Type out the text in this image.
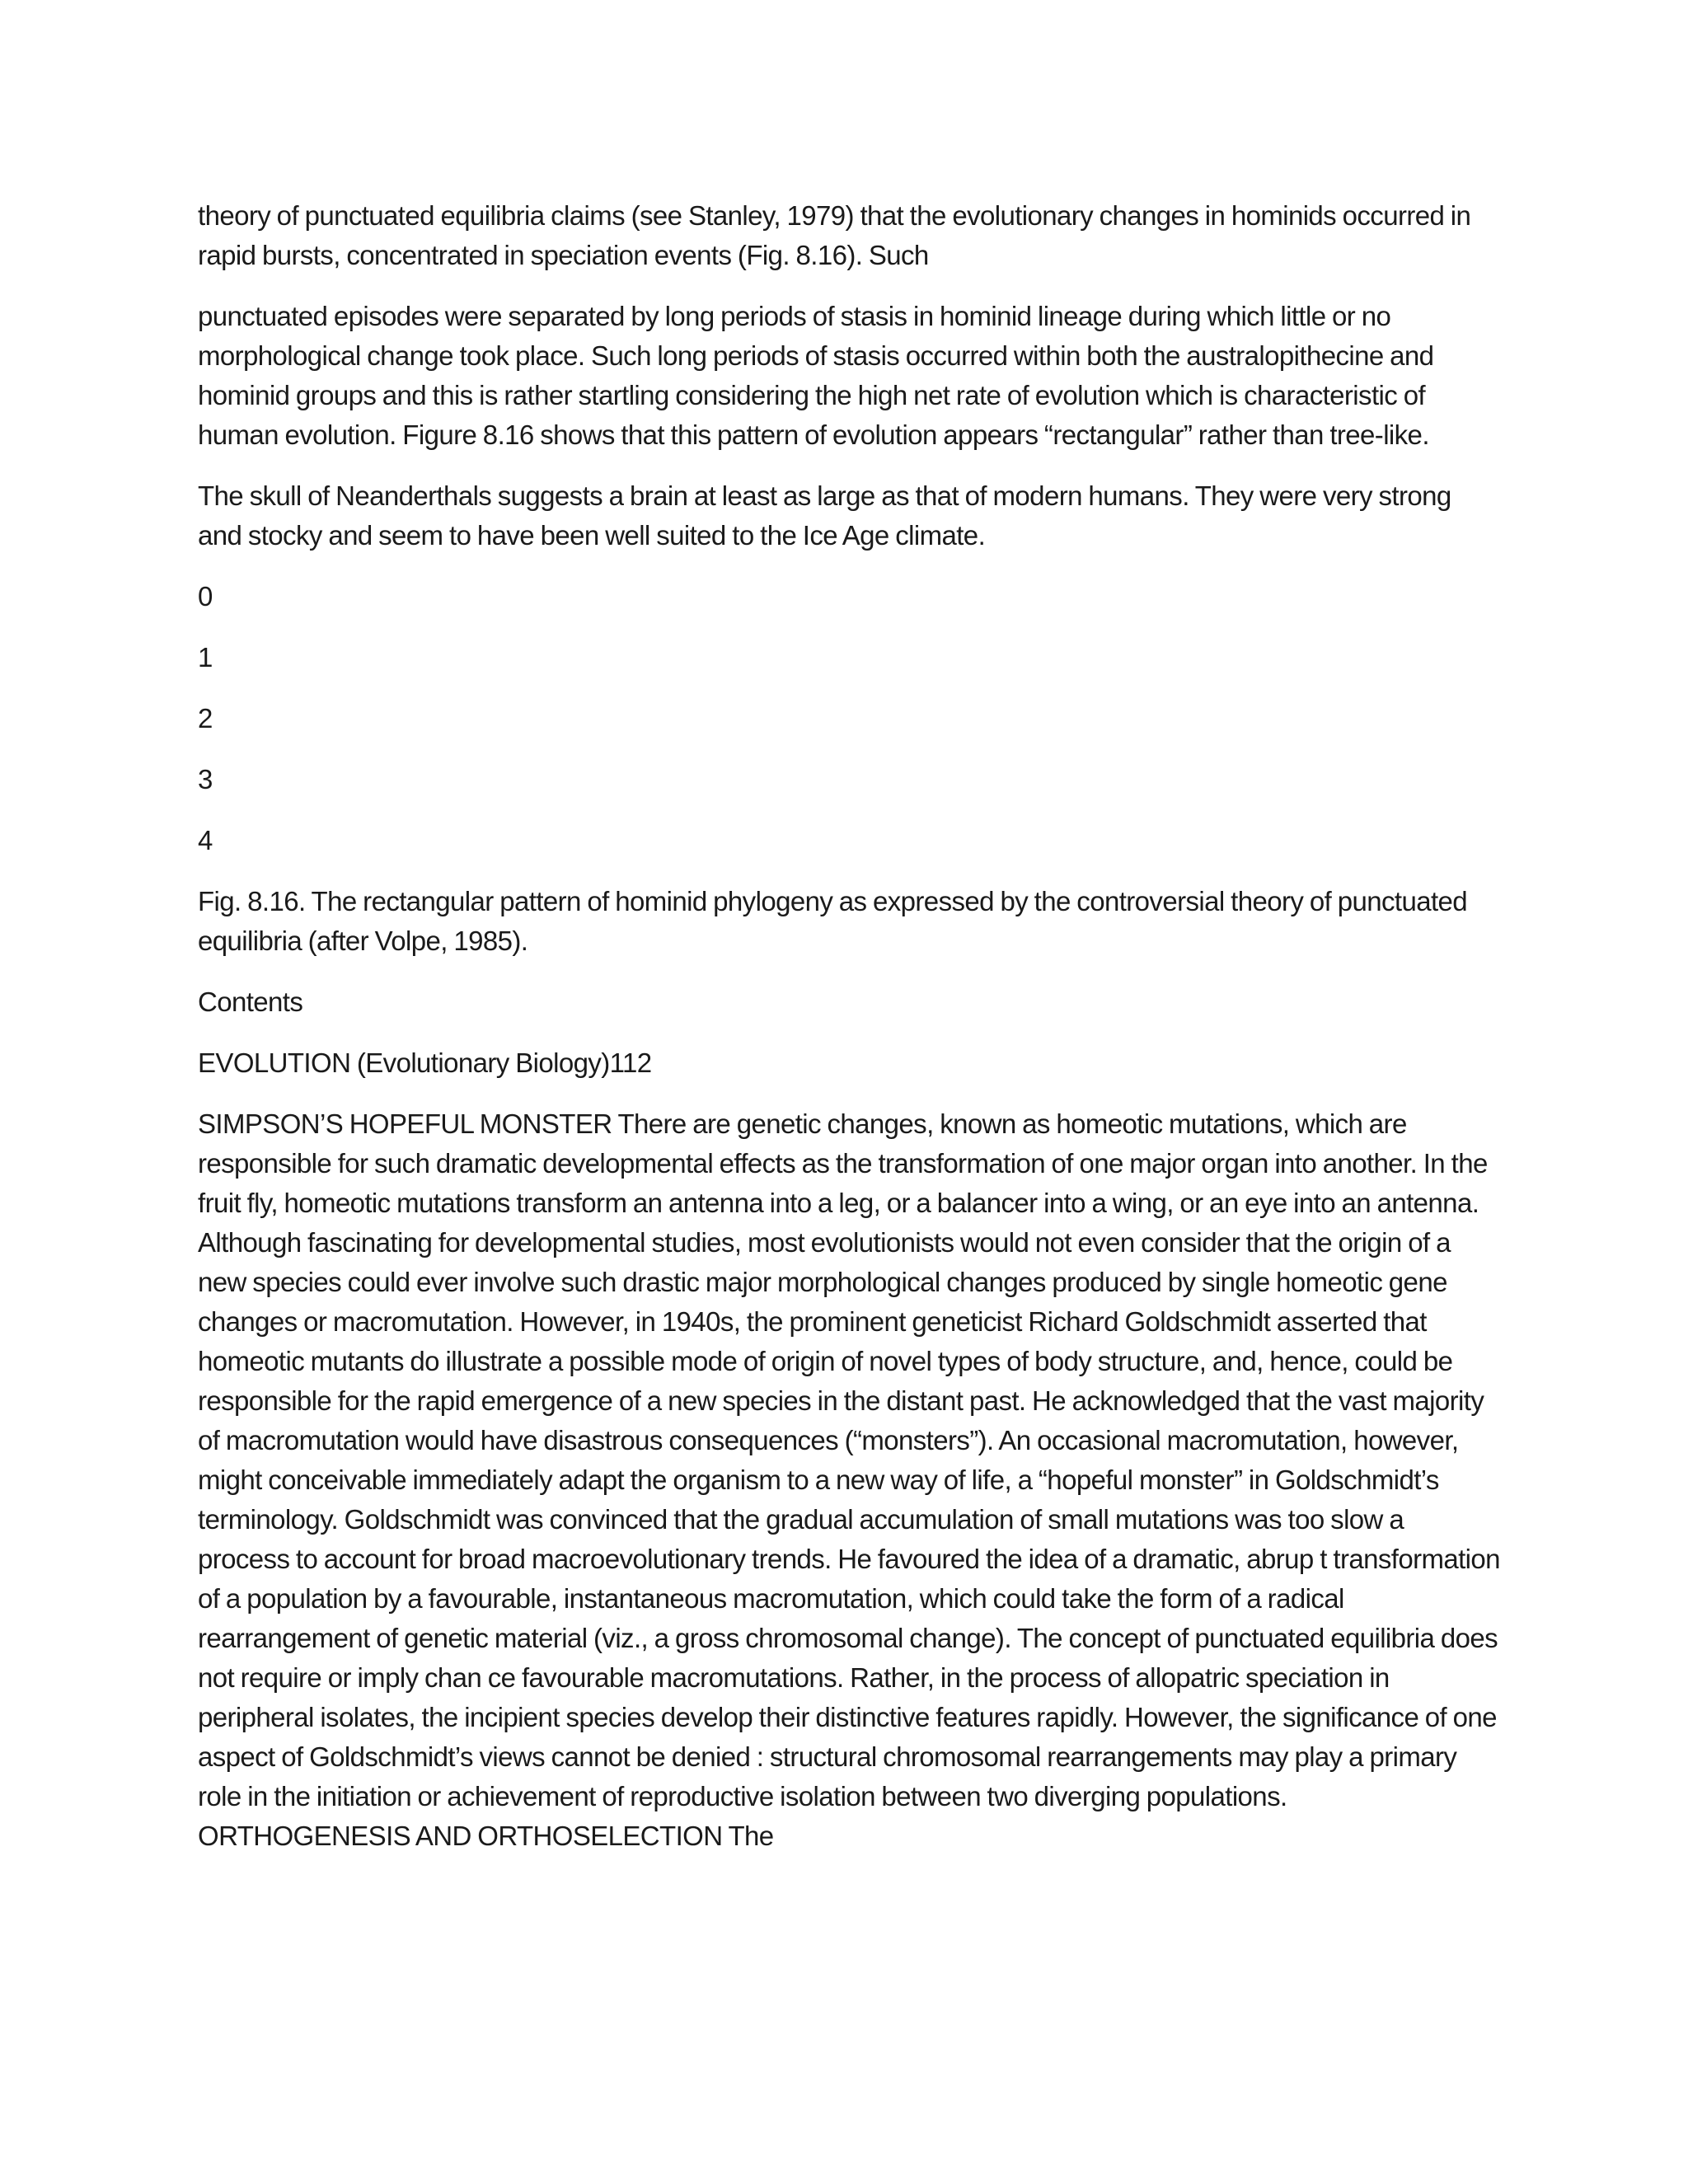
theory of punctuated equilibria claims (see Stanley, 1979) that the evolutionary changes in hominids occurred in rapid bursts, concentrated in speciation events (Fig. 8.16). Such

punctuated episodes were separated by long periods of stasis in hominid lineage during which little or no morphological change took place. Such long periods of stasis occurred within both the australopithecine and hominid groups and this is rather startling considering the high net rate of evolution which is characteristic of human evolution. Figure 8.16 shows that this pattern of evolution appears “rectangular” rather than tree-like.

The skull of Neanderthals suggests a brain at least as large as that of modern humans. They were very strong and stocky and seem to have been well suited to the Ice Age climate.

0

1

2

3

4

Fig. 8.16. The rectangular pattern of hominid phylogeny as expressed by the controversial theory of punctuated equilibria (after Volpe, 1985).

Contents

EVOLUTION (Evolutionary Biology)112

SIMPSON’S HOPEFUL MONSTER There are genetic changes, known as homeotic mutations, which are responsible for such dramatic developmental effects as the transformation of one major organ into another. In the fruit fly, homeotic mutations transform an antenna into a leg, or a balancer into a wing, or an eye into an antenna. Although fascinating for developmental studies, most evolutionists would not even consider that the origin of a new species could ever involve such drastic major morphological changes produced by single homeotic gene changes or macromutation. However, in 1940s, the prominent geneticist Richard Goldschmidt asserted that homeotic mutants do illustrate a possible mode of origin of novel types of body structure, and, hence, could be responsible for the rapid emergence of a new species in the distant past. He acknowledged that the vast majority of macromutation would have disastrous consequences (“monsters”). An occasional macromutation, however, might conceivable immediately adapt the organism to a new way of life, a “hopeful monster” in Goldschmidt’s terminology. Goldschmidt was convinced that the gradual accumulation of small mutations was too slow a process to account for broad macroevolutionary trends. He favoured the idea of a dramatic, abrup t transformation of a population by a favourable, instantaneous macromutation, which could take the form of a radical rearrangement of genetic material (viz., a gross chromosomal change). The concept of punctuated equilibria does not require or imply chan ce favourable macromutations. Rather, in the process of allopatric speciation in peripheral isolates, the incipient species develop their distinctive features rapidly. However, the significance of one aspect of Goldschmidt’s views cannot be denied : structural chromosomal rearrangements may play a primary role in the initiation or achievement of reproductive isolation between two diverging populations. ORTHOGENESIS AND ORTHOSELECTION The
